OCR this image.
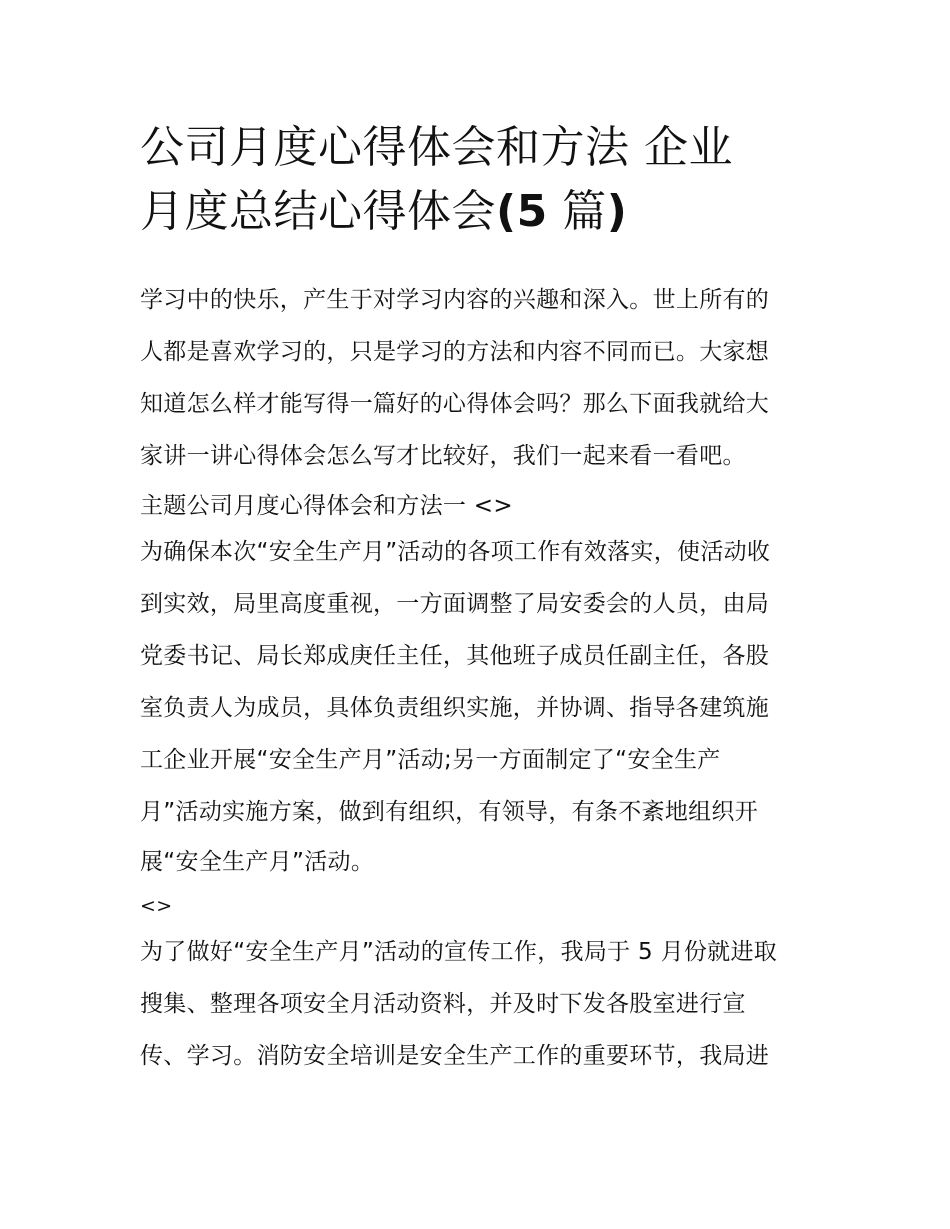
公司月度心得体会和方法 企业
月度总结心得体会(5 篇)
学习中的快乐，产生于对学习内容的兴趣和深入。世上所有的
人都是喜欢学习的，只是学习的方法和内容不同而已。大家想
知道怎么样才能写得一篇好的心得体会吗？那么下面我就给大
家讲一讲心得体会怎么写才比较好，我们一起来看一看吧。
主题公司月度心得体会和方法一 <>
为确保本次“安全生产月”活动的各项工作有效落实，使活动收
到实效，局里高度重视，一方面调整了局安委会的人员，由局
党委书记、局长郑成庚任主任，其他班子成员任副主任，各股
室负责人为成员，具体负责组织实施，并协调、指导各建筑施
工企业开展“安全生产月”活动;另一方面制定了“安全生产
月”活动实施方案，做到有组织，有领导，有条不紊地组织开
展“安全生产月”活动。
<>
为了做好“安全生产月”活动的宣传工作，我局于 5 月份就进取
搜集、整理各项安全月活动资料，并及时下发各股室进行宣
传、学习。消防安全培训是安全生产工作的重要环节，我局进
